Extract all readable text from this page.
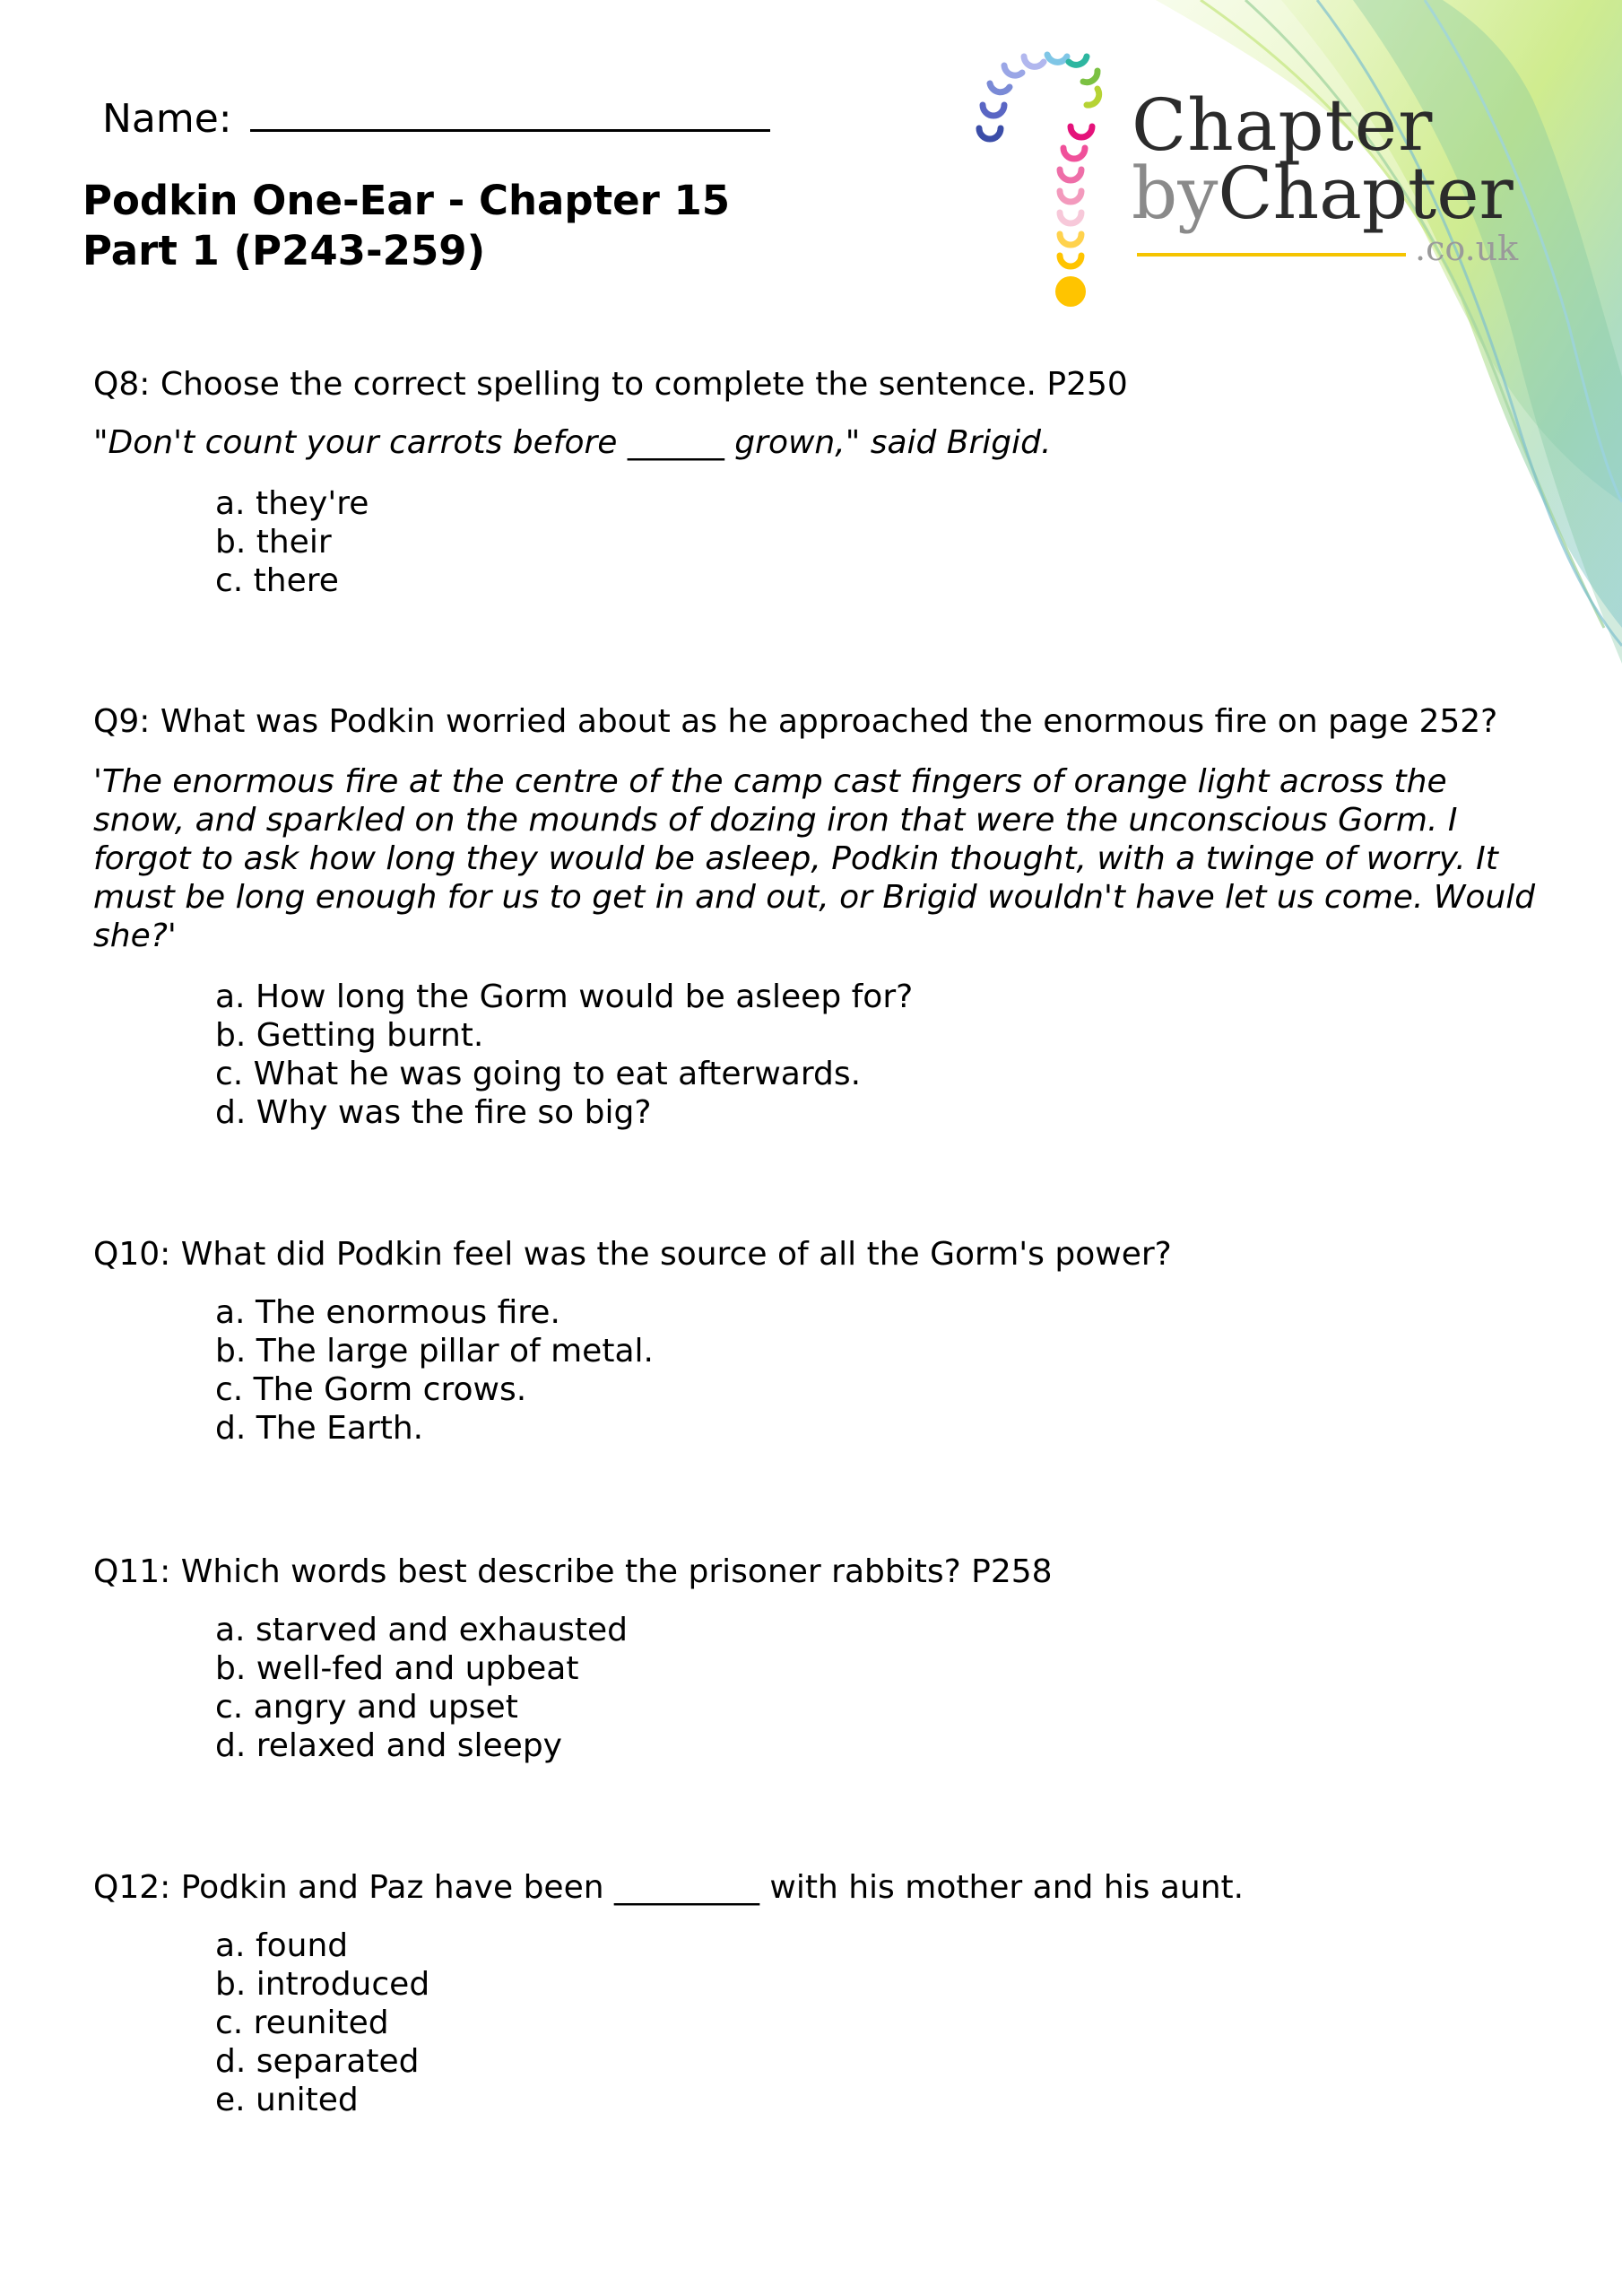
Name:
Podkin One-Ear - Chapter 15
Part 1 (P243-259)
Chapter
byChapter
.co.uk
Q8: Choose the correct spelling to complete the sentence. P250
"Don't count your carrots before ______ grown," said Brigid.
a. they're
b. their
c. there
Q9: What was Podkin worried about as he approached the enormous fire on page 252?
'The enormous fire at the centre of the camp cast fingers of orange light across the snow, and sparkled on the mounds of dozing iron that were the unconscious Gorm. I forgot to ask how long they would be asleep, Podkin thought, with a twinge of worry. It must be long enough for us to get in and out, or Brigid wouldn't have let us come. Would she?'
a. How long the Gorm would be asleep for?
b. Getting burnt.
c. What he was going to eat afterwards.
d. Why was the fire so big?
Q10: What did Podkin feel was the source of all the Gorm's power?
a. The enormous fire.
b. The large pillar of metal.
c. The Gorm crows.
d. The Earth.
Q11: Which words best describe the prisoner rabbits? P258
a. starved and exhausted
b. well-fed and upbeat
c. angry and upset
d. relaxed and sleepy
Q12: Podkin and Paz have been _________ with his mother and his aunt.
a. found
b. introduced
c. reunited
d. separated
e. united
